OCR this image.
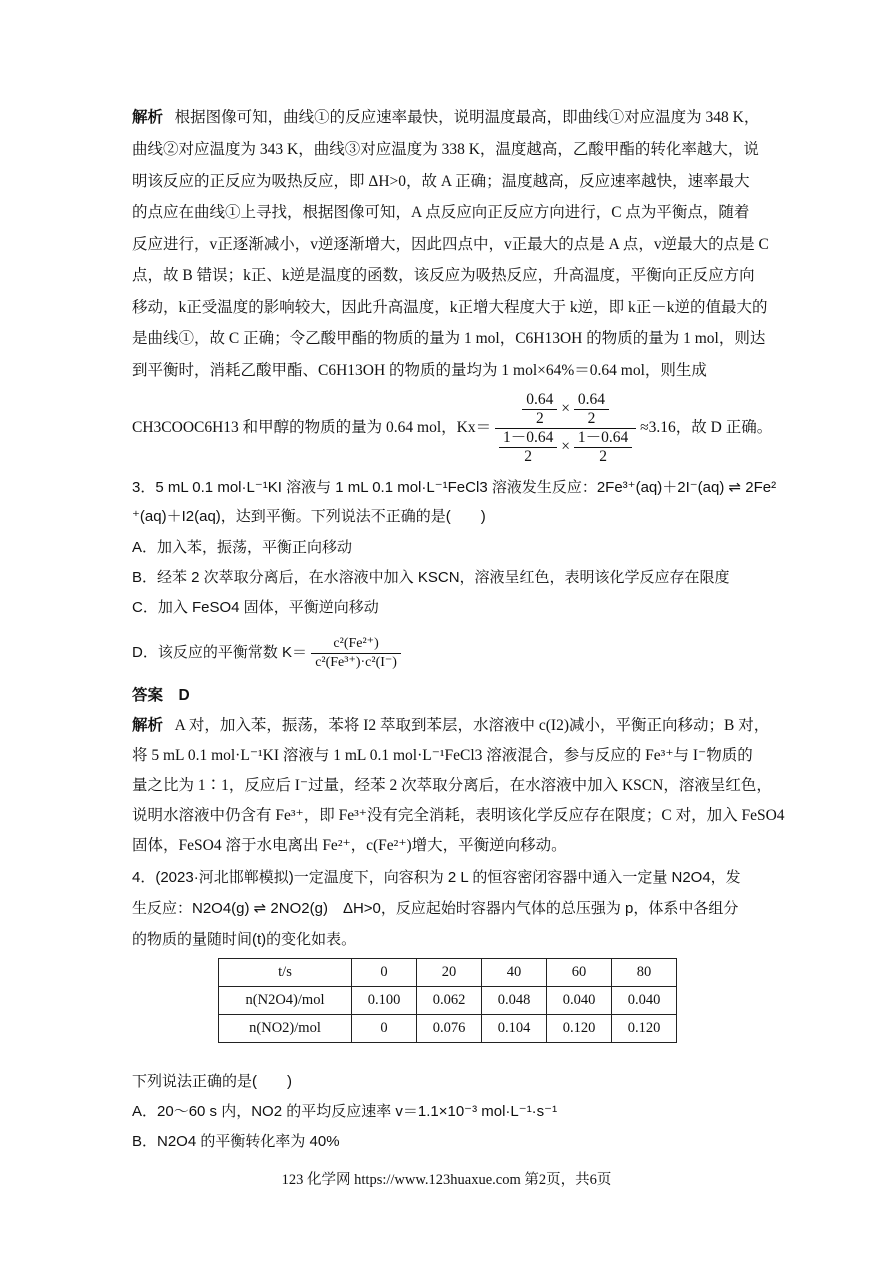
解析 根据图像可知，曲线①的反应速率最快，说明温度最高，即曲线①对应温度为 348 K，
曲线②对应温度为 343 K，曲线③对应温度为 338 K，温度越高，乙酸甲酯的转化率越大，说
明该反应的正反应为吸热反应，即 ΔH>0，故 A 正确；温度越高，反应速率越快，速率最大
的点应在曲线①上寻找，根据图像可知，A 点反应向正反应方向进行，C 点为平衡点，随着
反应进行，v正逐渐减小，v逆逐渐增大，因此四点中，v正最大的点是 A 点，v逆最大的点是 C
点，故 B 错误；k正、k逆是温度的函数，该反应为吸热反应，升高温度，平衡向正反应方向
移动，k正受温度的影响较大，因此升高温度，k正增大程度大于 k逆，即 k正－k逆的值最大的
是曲线①，故 C 正确；令乙酸甲酯的物质的量为 1 mol，C6H13OH 的物质的量为 1 mol，则达
到平衡时，消耗乙酸甲酯、C6H13OH 的物质的量均为 1 mol×64%＝0.64 mol，则生成
CH3COOC6H13 和甲醇的物质的量为 0.64 mol，$Kx= \frac{0.64}{2} \times \frac{0.64}{2}$
$\frac{1-0.64}{2} \times \frac{1-0.64}{2}$
≈3.16，故 D 正确。
3．5 mL 0.1 mol·L⁻¹KI 溶液与 1 mL 0.1 mol·L⁻¹FeCl3 溶液发生反应：2Fe³⁺(aq)＋2I⁻(aq) ⇌ 2Fe²
⁺(aq)＋I2(aq)，达到平衡。下列说法不正确的是(　　)
A．加入苯，振荡，平衡正向移动
B．经苯 2 次萃取分离后，在水溶液中加入 KSCN，溶液呈红色，表明该化学反应存在限度
C．加入 FeSO4 固体，平衡逆向移动
D．该反应的平衡常数 $K= \frac{\text{c²(Fe²⁺)}}{\text{c²(Fe³⁺)·c²(I⁻)}}$
答案　D
解析 A 对，加入苯，振荡，苯将 I2 萃取到苯层，水溶液中 c(I2)减小，平衡正向移动；B 对，
将 5 mL 0.1 mol·L⁻¹KI 溶液与 1 mL 0.1 mol·L⁻¹FeCl3 溶液混合，参与反应的 Fe³⁺与 I⁻物质的
量之比为 1∶1，反应后 I⁻过量，经苯 2 次萃取分离后，在水溶液中加入 KSCN，溶液呈红色，
说明水溶液中仍含有 Fe³⁺，即 Fe³⁺没有完全消耗，表明该化学反应存在限度；C 对，加入 FeSO4
固体，FeSO4 溶于水电离出 Fe²⁺，c(Fe²⁺)增大，平衡逆向移动。
4．(2023·河北邯郸模拟)一定温度下，向容积为 2 L 的恒容密闭容器中通入一定量 N2O4，发
生反应：N2O4(g) ⇌ 2NO2(g)　ΔH>0，反应起始时容器内气体的总压强为 p，体系中各组分
的物质的量随时间(t)的变化如表。
t/s	0	20	40	60	80
n(N2O4)/mol	0.100	0.062	0.048	0.040	0.040
n(NO2)/mol	0	0.076	0.104	0.120	0.120
下列说法正确的是(　　)
A．20～60 s 内，NO2 的平均反应速率 v＝1.1×10⁻³ mol·L⁻¹·s⁻¹
B．N2O4 的平衡转化率为 40%
123 化学网 https://www.123huaxue.com 第2页，共6页
